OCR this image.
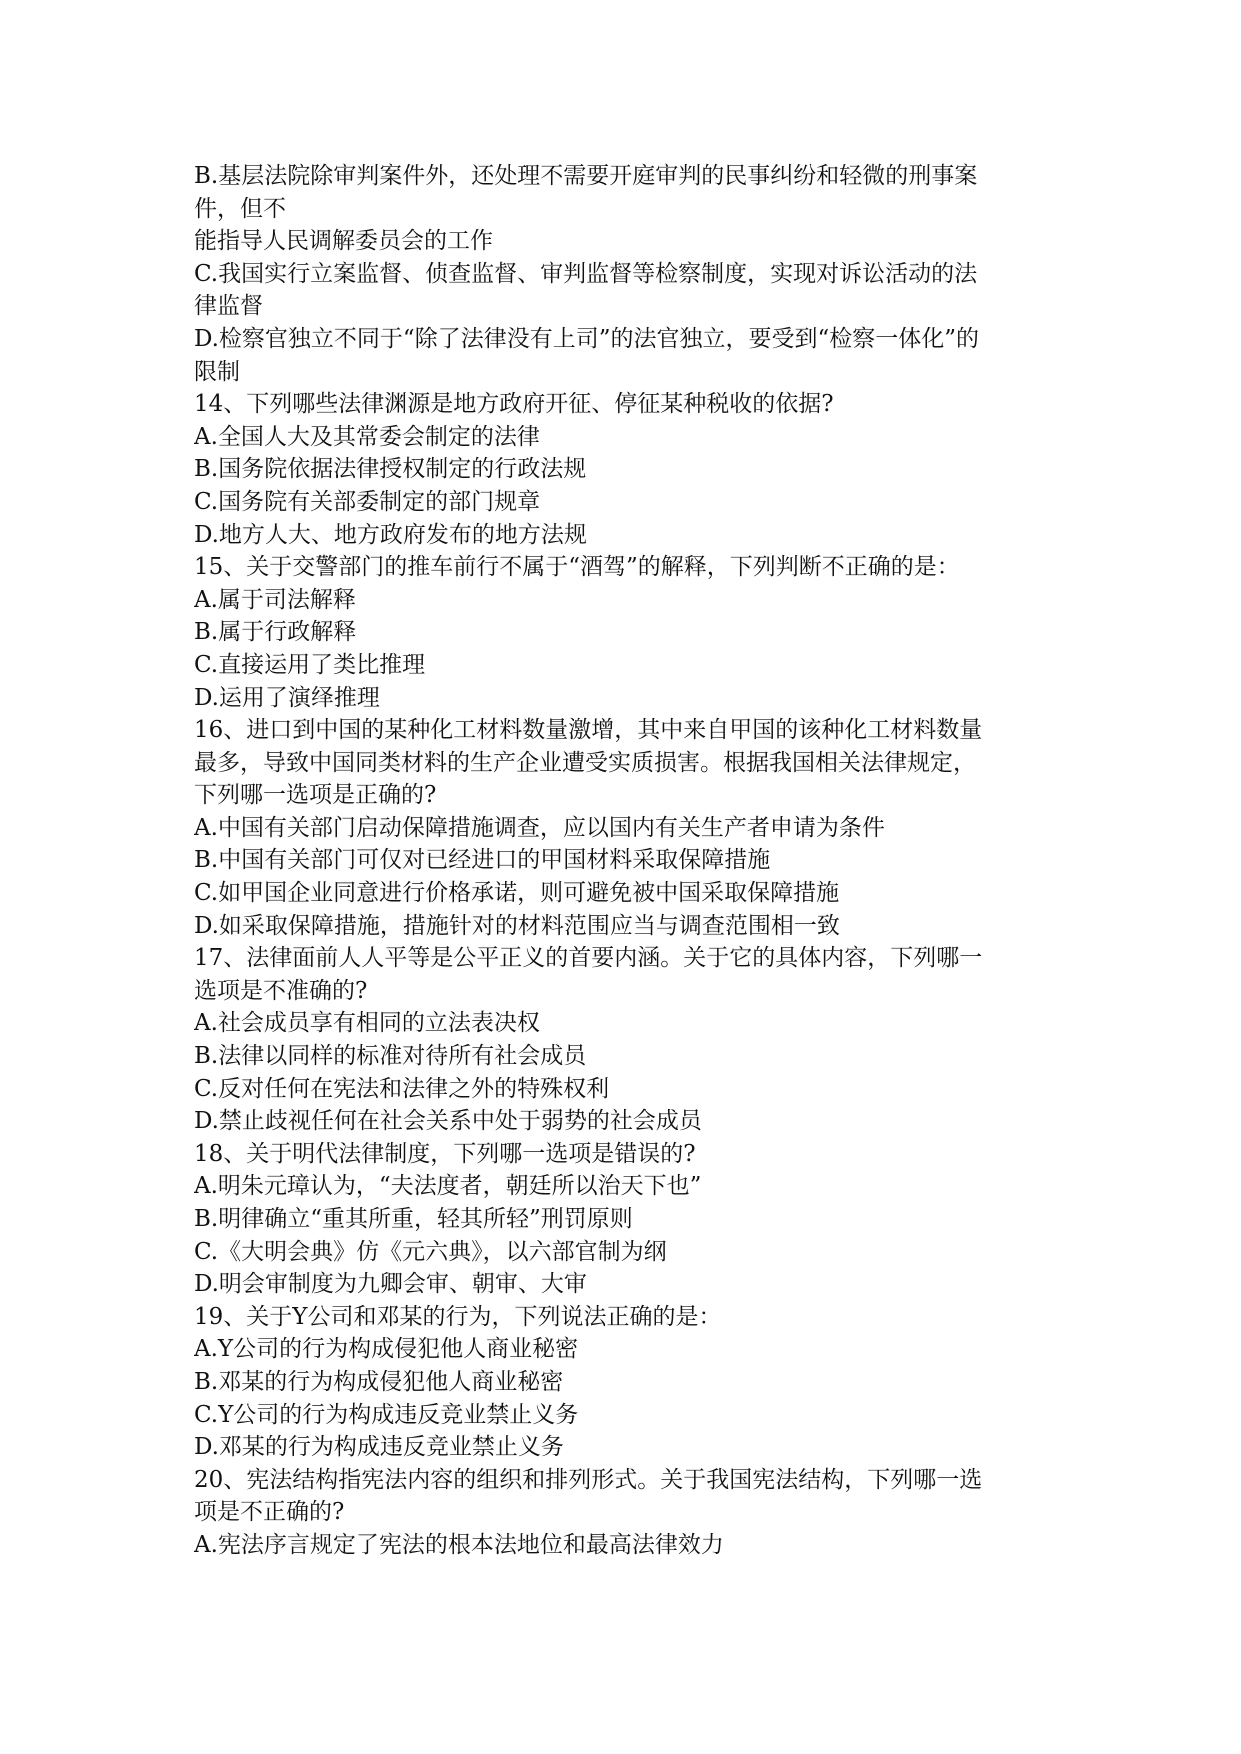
B.基层法院除审判案件外，还处理不需要开庭审判的民事纠纷和轻微的刑事案
件，但不
能指导人民调解委员会的工作
C.我国实行立案监督、侦查监督、审判监督等检察制度，实现对诉讼活动的法
律监督
D.检察官独立不同于“除了法律没有上司”的法官独立，要受到“检察一体化”的
限制
14、下列哪些法律渊源是地方政府开征、停征某种税收的依据?
A.全国人大及其常委会制定的法律
B.国务院依据法律授权制定的行政法规
C.国务院有关部委制定的部门规章
D.地方人大、地方政府发布的地方法规
15、关于交警部门的推车前行不属于“酒驾”的解释，下列判断不正确的是：
A.属于司法解释
B.属于行政解释
C.直接运用了类比推理
D.运用了演绎推理
16、进口到中国的某种化工材料数量激增，其中来自甲国的该种化工材料数量
最多，导致中国同类材料的生产企业遭受实质损害。根据我国相关法律规定，
下列哪一选项是正确的?
A.中国有关部门启动保障措施调查，应以国内有关生产者申请为条件
B.中国有关部门可仅对已经进口的甲国材料采取保障措施
C.如甲国企业同意进行价格承诺，则可避免被中国采取保障措施
D.如采取保障措施，措施针对的材料范围应当与调查范围相一致
17、法律面前人人平等是公平正义的首要内涵。关于它的具体内容，下列哪一
选项是不准确的?
A.社会成员享有相同的立法表决权
B.法律以同样的标准对待所有社会成员
C.反对任何在宪法和法律之外的特殊权利
D.禁止歧视任何在社会关系中处于弱势的社会成员
18、关于明代法律制度，下列哪一选项是错误的?
A.明朱元璋认为，“夫法度者，朝廷所以治天下也”
B.明律确立“重其所重，轻其所轻”刑罚原则
C.《大明会典》仿《元六典》，以六部官制为纲
D.明会审制度为九卿会审、朝审、大审
19、关于Y公司和邓某的行为，下列说法正确的是：
A.Y公司的行为构成侵犯他人商业秘密
B.邓某的行为构成侵犯他人商业秘密
C.Y公司的行为构成违反竞业禁止义务
D.邓某的行为构成违反竞业禁止义务
20、宪法结构指宪法内容的组织和排列形式。关于我国宪法结构，下列哪一选
项是不正确的?
A.宪法序言规定了宪法的根本法地位和最高法律效力
